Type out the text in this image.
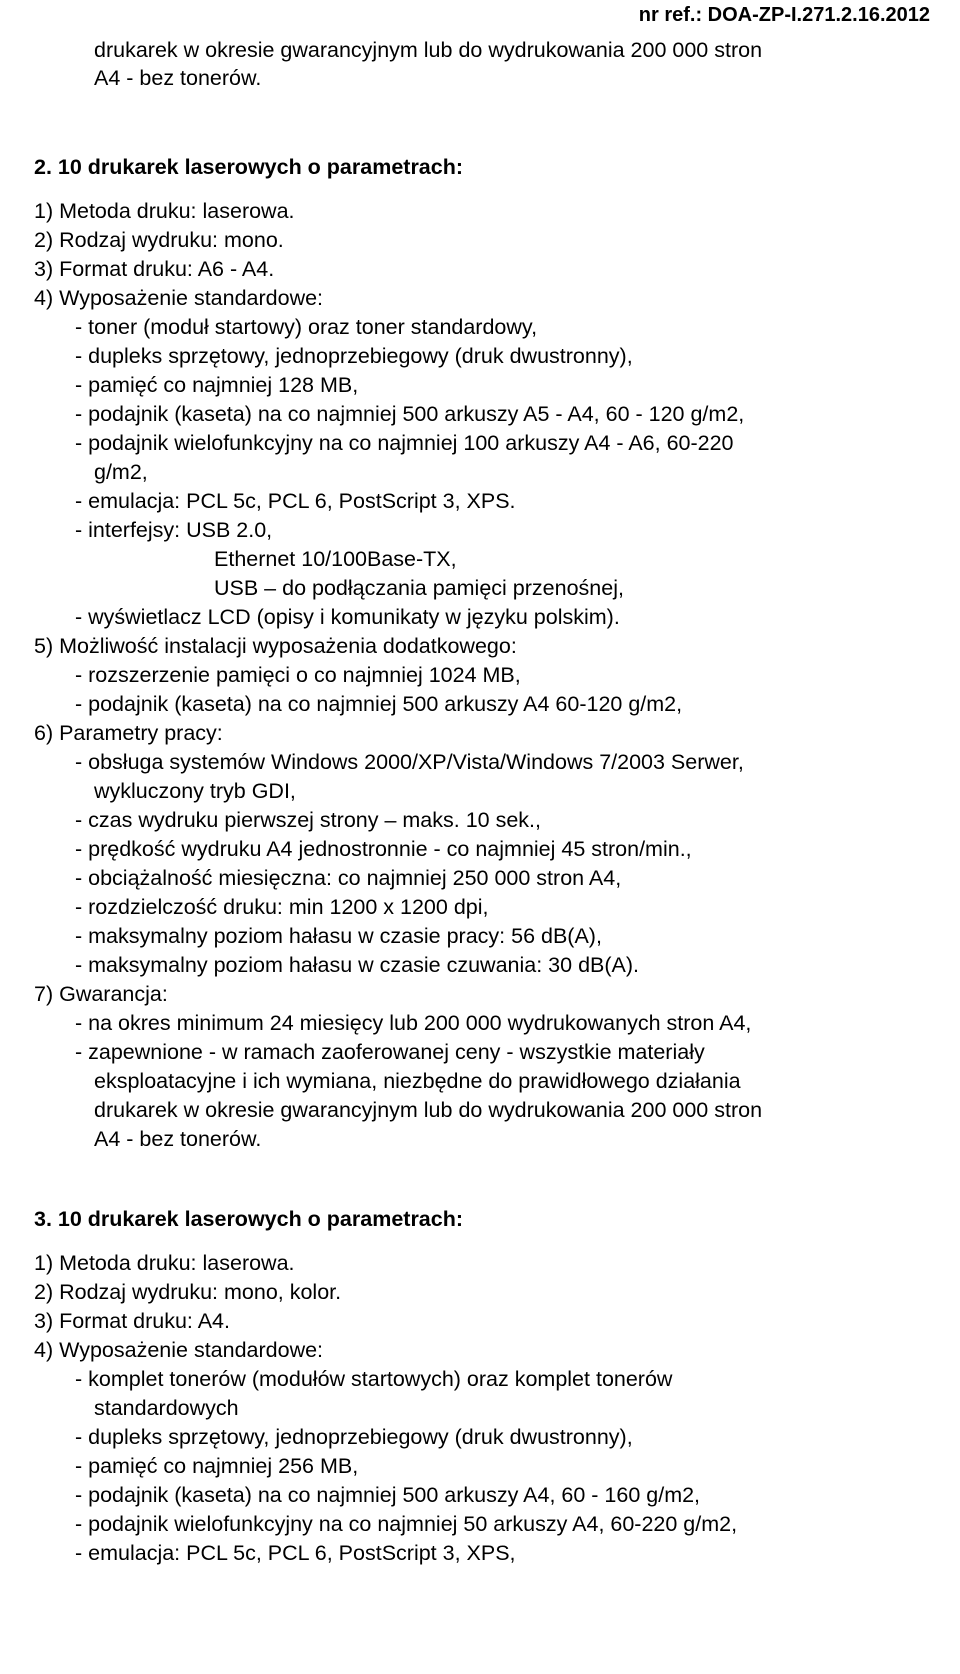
nr ref.: DOA-ZP-I.271.2.16.2012
drukarek w okresie gwarancyjnym lub do wydrukowania 200 000 stron
A4 - bez tonerów.
2. 10 drukarek laserowych o parametrach:
1) Metoda druku: laserowa.
2) Rodzaj wydruku: mono.
3) Format druku: A6 - A4.
4) Wyposażenie standardowe:
- toner (moduł startowy) oraz toner standardowy,
- dupleks sprzętowy, jednoprzebiegowy (druk dwustronny),
- pamięć co najmniej 128 MB,
- podajnik (kaseta) na co najmniej 500 arkuszy A5 - A4, 60 - 120 g/m2,
- podajnik wielofunkcyjny na co najmniej 100 arkuszy A4 - A6, 60-220
g/m2,
- emulacja: PCL 5c, PCL 6, PostScript 3, XPS.
- interfejsy: USB 2.0,
Ethernet 10/100Base-TX,
USB – do podłączania pamięci przenośnej,
- wyświetlacz LCD (opisy i komunikaty w języku polskim).
5) Możliwość instalacji wyposażenia dodatkowego:
- rozszerzenie pamięci o co najmniej 1024 MB,
- podajnik (kaseta) na co najmniej 500 arkuszy A4 60-120 g/m2,
6) Parametry pracy:
- obsługa systemów Windows 2000/XP/Vista/Windows 7/2003 Serwer,
wykluczony tryb GDI,
- czas wydruku pierwszej strony – maks. 10 sek.,
- prędkość wydruku A4 jednostronnie - co najmniej 45 stron/min.,
- obciążalność miesięczna: co najmniej 250 000 stron A4,
- rozdzielczość druku: min 1200 x 1200 dpi,
- maksymalny poziom hałasu w czasie pracy: 56 dB(A),
- maksymalny poziom hałasu w czasie czuwania: 30 dB(A).
7) Gwarancja:
- na okres minimum 24 miesięcy lub 200 000 wydrukowanych stron A4,
- zapewnione - w ramach zaoferowanej ceny - wszystkie materiały
eksploatacyjne i ich wymiana, niezbędne do prawidłowego działania
drukarek w okresie gwarancyjnym lub do wydrukowania 200 000 stron
A4 - bez tonerów.
3. 10 drukarek laserowych o parametrach:
1) Metoda druku: laserowa.
2) Rodzaj wydruku: mono, kolor.
3) Format druku: A4.
4) Wyposażenie standardowe:
- komplet tonerów (modułów startowych) oraz komplet tonerów
standardowych
- dupleks sprzętowy, jednoprzebiegowy (druk dwustronny),
- pamięć co najmniej 256 MB,
- podajnik (kaseta) na co najmniej 500 arkuszy A4, 60 - 160 g/m2,
- podajnik wielofunkcyjny na co najmniej 50 arkuszy A4, 60-220 g/m2,
- emulacja: PCL 5c, PCL 6, PostScript 3, XPS,
